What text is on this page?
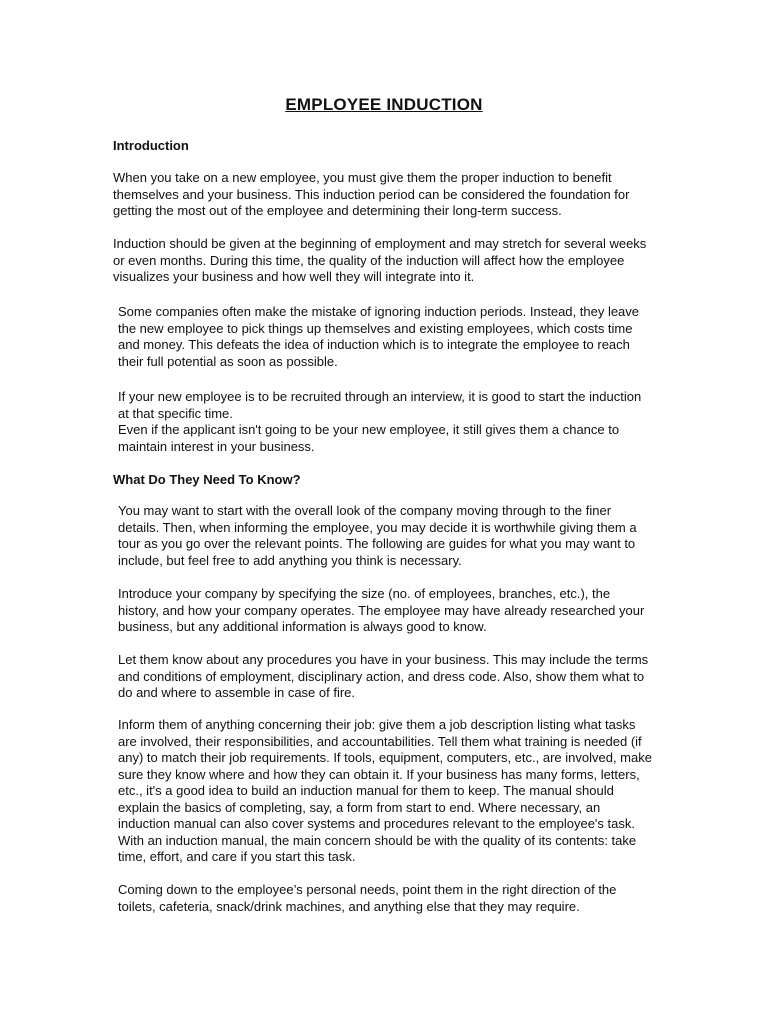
EMPLOYEE INDUCTION
Introduction

When you take on a new employee, you must give them the proper induction to benefit themselves and your business. This induction period can be considered the foundation for getting the most out of the employee and determining their long-term success.

Induction should be given at the beginning of employment and may stretch for several weeks or even months. During this time, the quality of the induction will affect how the employee visualizes your business and how well they will integrate into it.

Some companies often make the mistake of ignoring induction periods. Instead, they leave the new employee to pick things up themselves and existing employees, which costs time and money. This defeats the idea of induction which is to integrate the employee to reach their full potential as soon as possible.

If your new employee is to be recruited through an interview, it is good to start the induction at that specific time.

Even if the applicant isn't going to be your new employee, it still gives them a chance to maintain interest in your business.

What Do They Need To Know?

You may want to start with the overall look of the company moving through to the finer details. Then, when informing the employee, you may decide it is worthwhile giving them a tour as you go over the relevant points. The following are guides for what you may want to include, but feel free to add anything you think is necessary.

Introduce your company by specifying the size (no. of employees, branches, etc.), the history, and how your company operates. The employee may have already researched your business, but any additional information is always good to know.

Let them know about any procedures you have in your business. This may include the terms and conditions of employment, disciplinary action, and dress code. Also, show them what to do and where to assemble in case of fire.

Inform them of anything concerning their job: give them a job description listing what tasks are involved, their responsibilities, and accountabilities. Tell them what training is needed (if any) to match their job requirements. If tools, equipment, computers, etc., are involved, make sure they know where and how they can obtain it. If your business has many forms, letters, etc., it's a good idea to build an induction manual for them to keep. The manual should explain the basics of completing, say, a form from start to end. Where necessary, an induction manual can also cover systems and procedures relevant to the employee's task. With an induction manual, the main concern should be with the quality of its contents: take time, effort, and care if you start this task.

Coming down to the employee’s personal needs, point them in the right direction of the toilets, cafeteria, snack/drink machines, and anything else that they may require.
